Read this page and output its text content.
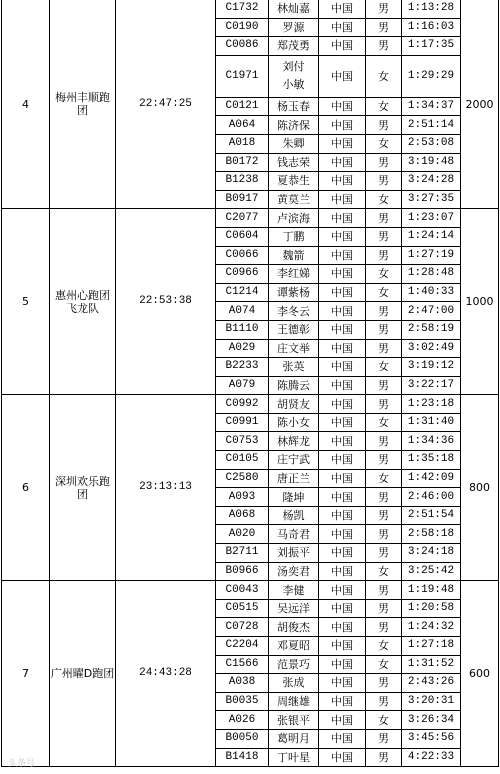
4	梅州丰顺跑团	22:47:25	C1732	林灿嘉	中国	男	1:13:28	2000
			C0190	罗源	中国	男	1:16:03	
			C0086	郑茂勇	中国	男	1:17:35	
			C1971	刘付小敏	中国	女	1:29:29	
			C0121	杨玉春	中国	女	1:34:37	
			A064	陈济保	中国	男	2:51:14	
			A018	朱卿	中国	女	2:53:08	
			B0172	钱志荣	中国	男	3:19:48	
			B1238	夏恭生	中国	男	3:24:28	
			B0917	黄莫兰	中国	女	3:27:35	
5	惠州心跑团飞龙队	22:53:38	C2077	卢滨海	中国	男	1:23:07	1000
			C0604	丁鹏	中国	男	1:24:14	
			C0066	魏箭	中国	男	1:27:19	
			C0966	李红娣	中国	女	1:28:48	
			C1214	谭紫杨	中国	女	1:40:33	
			A074	李冬云	中国	男	2:47:00	
			B1110	王德彰	中国	男	2:58:19	
			A029	庄文举	中国	男	3:02:49	
			B2233	张英	中国	女	3:19:12	
			A079	陈腾云	中国	男	3:22:17	
6	深圳欢乐跑团	23:13:13	C0992	胡贤友	中国	男	1:23:18	800
			C0991	陈小女	中国	女	1:31:40	
			C0753	林辉龙	中国	男	1:34:36	
			C0105	庄宁武	中国	男	1:35:18	
			C2580	唐正兰	中国	女	1:42:09	
			A093	隆坤	中国	男	2:46:00	
			A068	杨凯	中国	男	2:51:54	
			A020	马奇君	中国	男	2:58:18	
			B2711	刘振平	中国	男	3:24:18	
			B0966	汤奕君	中国	女	3:25:42	
7	广州曜D跑团	24:43:28	C0043	李健	中国	男	1:19:48	600
			C0515	吴远洋	中国	男	1:20:58	
			C0728	胡俊杰	中国	男	1:24:32	
			C2204	邓夏昭	中国	女	1:27:18	
			C1566	范景巧	中国	女	1:31:52	
			A038	张成	中国	男	2:43:26	
			B0035	周继雄	中国	男	3:20:31	
			A026	张银平	中国	女	3:26:34	
			B0050	葛明月	中国	男	3:45:56	
			B1418	丁叶星	中国	男	4:22:33	
头条号
